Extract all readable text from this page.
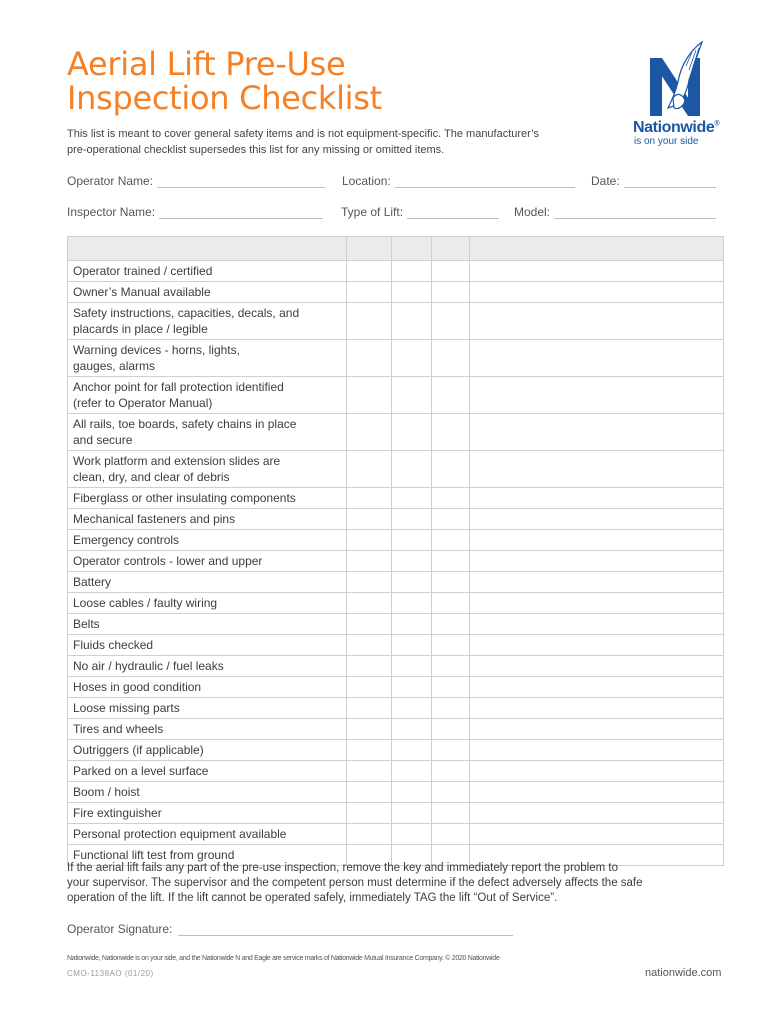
Aerial Lift Pre-Use
Inspection Checklist
Nationwide®
is on your side
This list is meant to cover general safety items and is not equipment-specific. The manufacturer’s
pre-operational checklist supersedes this list for any missing or omitted items.
Operator Name:	Location:	Date:
Inspector Name:	Type of Lift:	Model:

Operator trained / certified				
Owner’s Manual available				
Safety instructions, capacities, decals, and
placards in place / legible				
Warning devices - horns, lights,
gauges, alarms				
Anchor point for fall protection identified
(refer to Operator Manual)				
All rails, toe boards, safety chains in place
and secure				
Work platform and extension slides are
clean, dry, and clear of debris				
Fiberglass or other insulating components				
Mechanical fasteners and pins				
Emergency controls				
Operator controls - lower and upper				
Battery				
Loose cables / faulty wiring				
Belts				
Fluids checked				
No air / hydraulic / fuel leaks				
Hoses in good condition				
Loose missing parts				
Tires and wheels				
Outriggers (if applicable)				
Parked on a level surface				
Boom / hoist				
Fire extinguisher				
Personal protection equipment available				
Functional lift test from ground				
If the aerial lift fails any part of the pre-use inspection, remove the key and immediately report the problem to
your supervisor. The supervisor and the competent person must determine if the defect adversely affects the safe
operation of the lift. If the lift cannot be operated safely, immediately TAG the lift “Out of Service”.
Operator Signature:
Nationwide, Nationwide is on your side, and the Nationwide N and Eagle are service marks of Nationwide Mutual Insurance Company. © 2020 Nationwide
CMO-1138AO (01/20)	nationwide.com
